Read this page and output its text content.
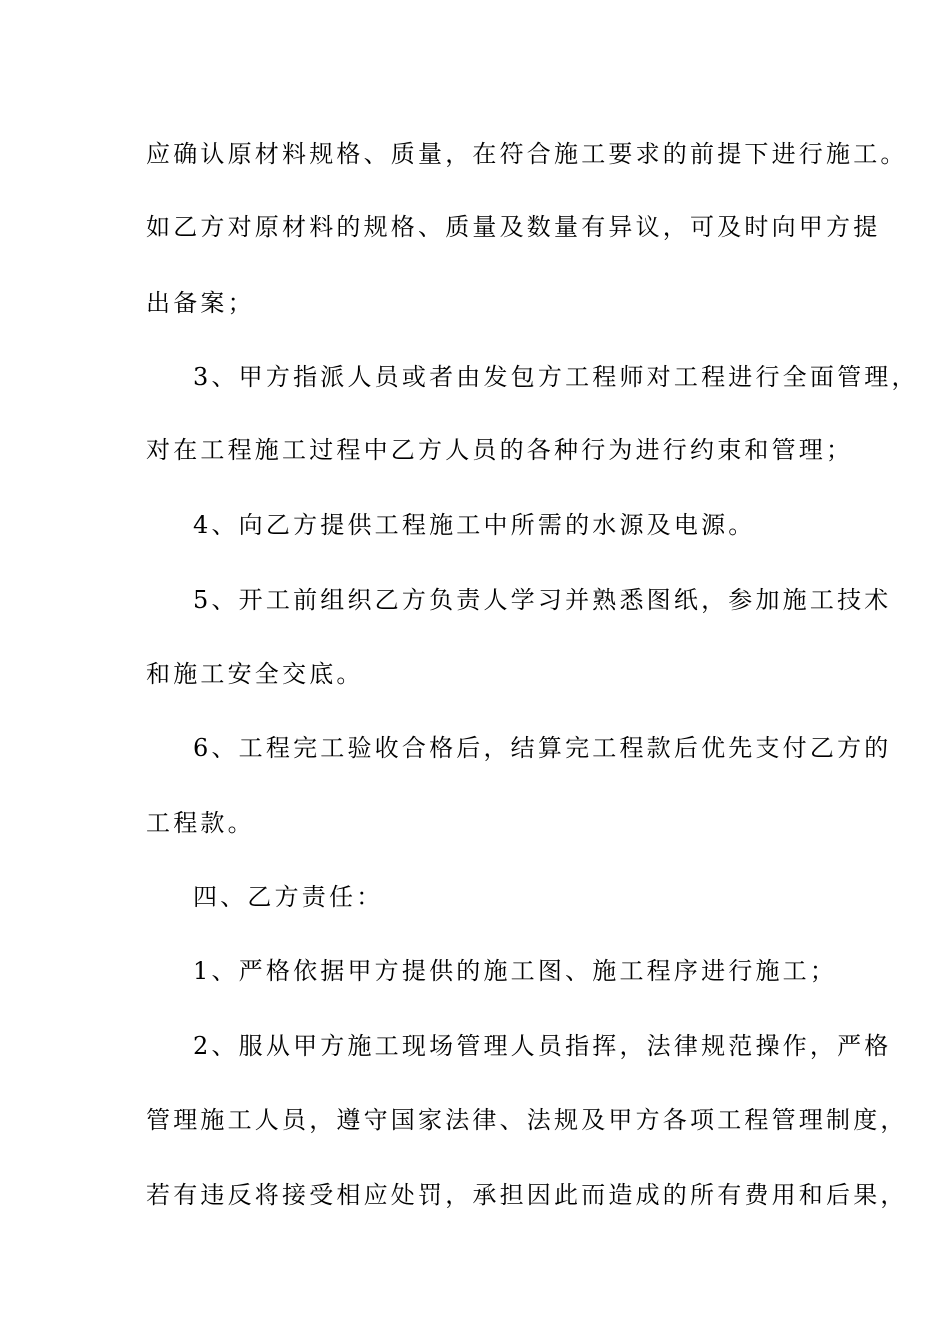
应确认原材料规格、质量，在符合施工要求的前提下进行施工。
如乙方对原材料的规格、质量及数量有异议，可及时向甲方提
出备案；
3、甲方指派人员或者由发包方工程师对工程进行全面管理，
对在工程施工过程中乙方人员的各种行为进行约束和管理；
4、向乙方提供工程施工中所需的水源及电源。
5、开工前组织乙方负责人学习并熟悉图纸，参加施工技术
和施工安全交底。
6、工程完工验收合格后，结算完工程款后优先支付乙方的
工程款。
四、乙方责任：
1、严格依据甲方提供的施工图、施工程序进行施工；
2、服从甲方施工现场管理人员指挥，法律规范操作，严格
管理施工人员，遵守国家法律、法规及甲方各项工程管理制度，
若有违反将接受相应处罚，承担因此而造成的所有费用和后果，
